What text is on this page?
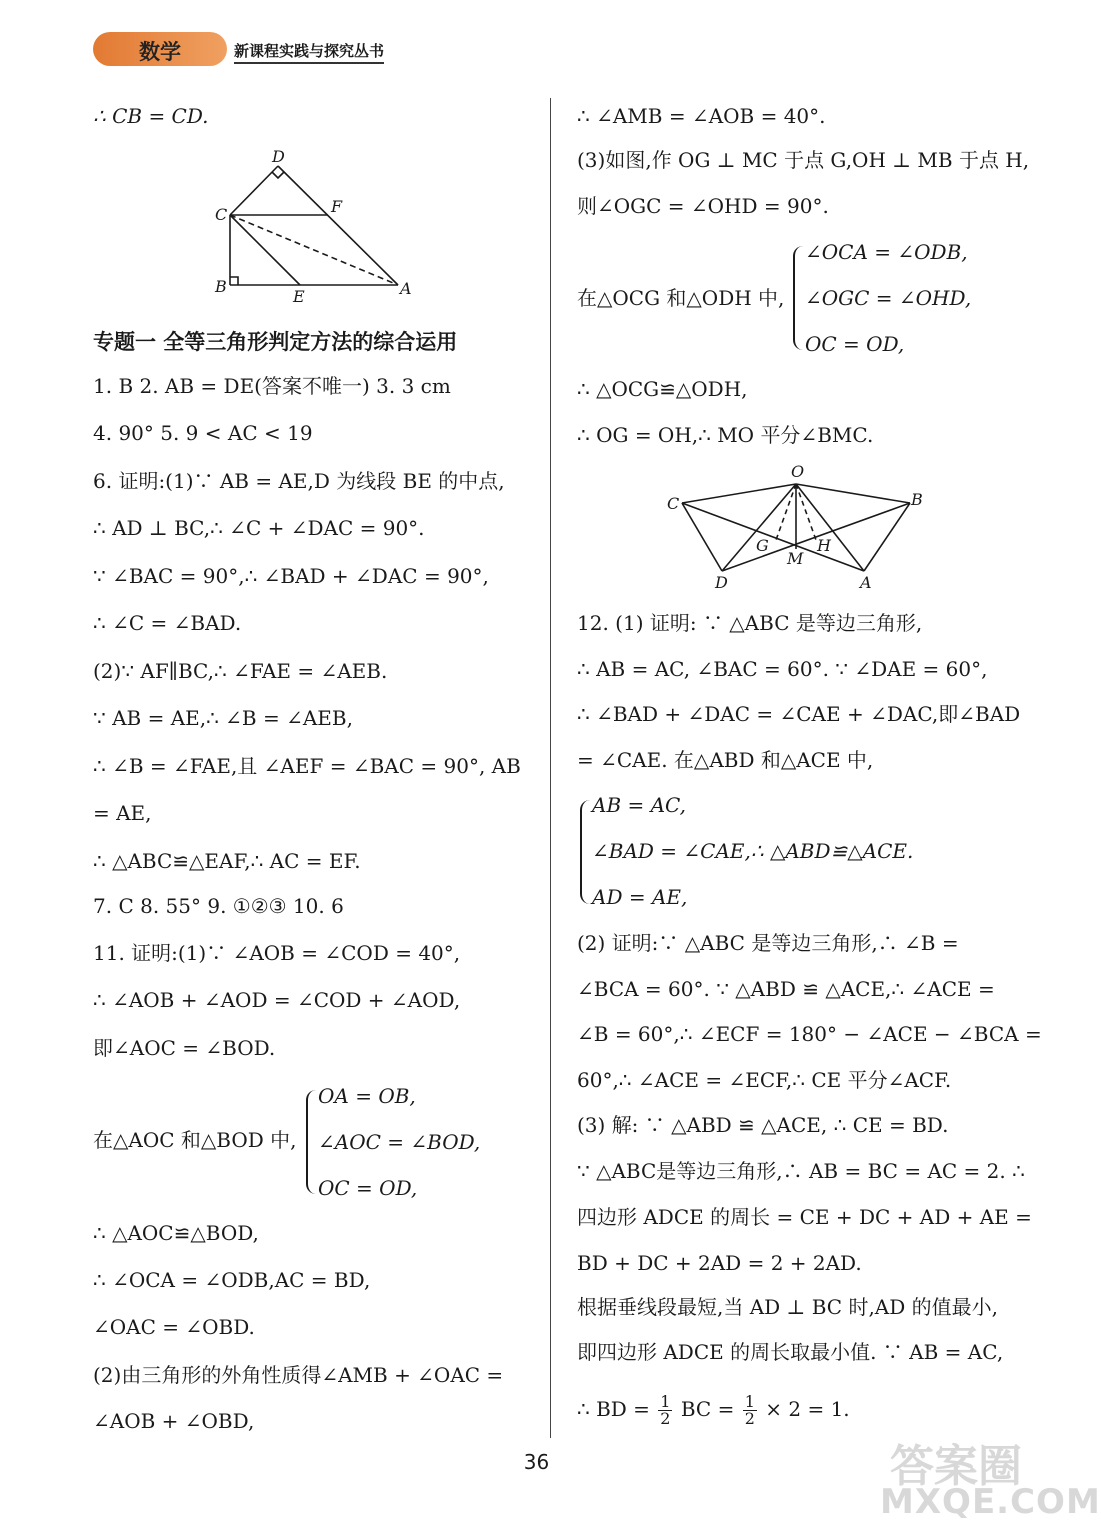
数学	新课程实践与探究丛书
∴ CB = CD.
D
C	F
B
E	A
专题一 全等三角形判定方法的综合运用
1. B 2. AB = DE(答案不唯一) 3. 3 cm
4. 90° 5. 9 < AC < 19
6. 证明:(1)∵ AB = AE,D 为线段 BE 的中点,
∴ AD ⊥ BC,∴ ∠C + ∠DAC = 90°.
∵ ∠BAC = 90°,∴ ∠BAD + ∠DAC = 90°,
∴ ∠C = ∠BAD.
(2)∵ AF∥BC,∴ ∠FAE = ∠AEB.
∵ AB = AE,∴ ∠B = ∠AEB,
∴ ∠B = ∠FAE,且 ∠AEF = ∠BAC = 90°, AB
= AE,
∴ △ABC≌△EAF,∴ AC = EF.
7. C 8. 55° 9. ①②③ 10. 6
11. 证明:(1)∵ ∠AOB = ∠COD = 40°,
∴ ∠AOB + ∠AOD = ∠COD + ∠AOD,
即∠AOC = ∠BOD.
在△AOC 和△BOD 中,
OA = OB,
∠AOC = ∠BOD,
OC = OD,
∴ △AOC≌△BOD,
∴ ∠OCA = ∠ODB,AC = BD,
∠OAC = ∠OBD.
(2)由三角形的外角性质得∠AMB + ∠OAC =
∠AOB + ∠OBD,
∴ ∠AMB = ∠AOB = 40°.
(3)如图,作 OG ⊥ MC 于点 G,OH ⊥ MB 于点 H,
则∠OGC = ∠OHD = 90°.
在△OCG 和△ODH 中,
∠OCA = ∠ODB,
∠OGC = ∠OHD,
OC = OD,
∴ △OCG≌△ODH,
∴ OG = OH,∴ MO 平分∠BMC.
O
C	B
G	H
M
D	A
12. (1) 证明: ∵ △ABC 是等边三角形,
∴ AB = AC, ∠BAC = 60°. ∵ ∠DAE = 60°,
∴ ∠BAD + ∠DAC = ∠CAE + ∠DAC,即∠BAD
= ∠CAE. 在△ABD 和△ACE 中,
AB = AC,
∠BAD = ∠CAE,∴ △ABD≌△ACE.
AD = AE,
(2) 证明:∵ △ABC 是等边三角形,∴ ∠B =
∠BCA = 60°. ∵ △ABD ≌ △ACE,∴ ∠ACE =
∠B = 60°,∴ ∠ECF = 180° − ∠ACE − ∠BCA =
60°,∴ ∠ACE = ∠ECF,∴ CE 平分∠ACF.
(3) 解: ∵ △ABD ≌ △ACE, ∴ CE = BD.
∵ △ABC是等边三角形,∴ AB = BC = AC = 2. ∴
四边形 ADCE 的周长 = CE + DC + AD + AE =
BD + DC + 2AD = 2 + 2AD.
根据垂线段最短,当 AD ⊥ BC 时,AD 的值最小,
即四边形 ADCE 的周长取最小值. ∵ AB = AC,
∴ BD = $\frac{1}{2}$ BC = $\frac{1}{2} \times 2 = 1$.
36	答案圈
MXQE.COM
